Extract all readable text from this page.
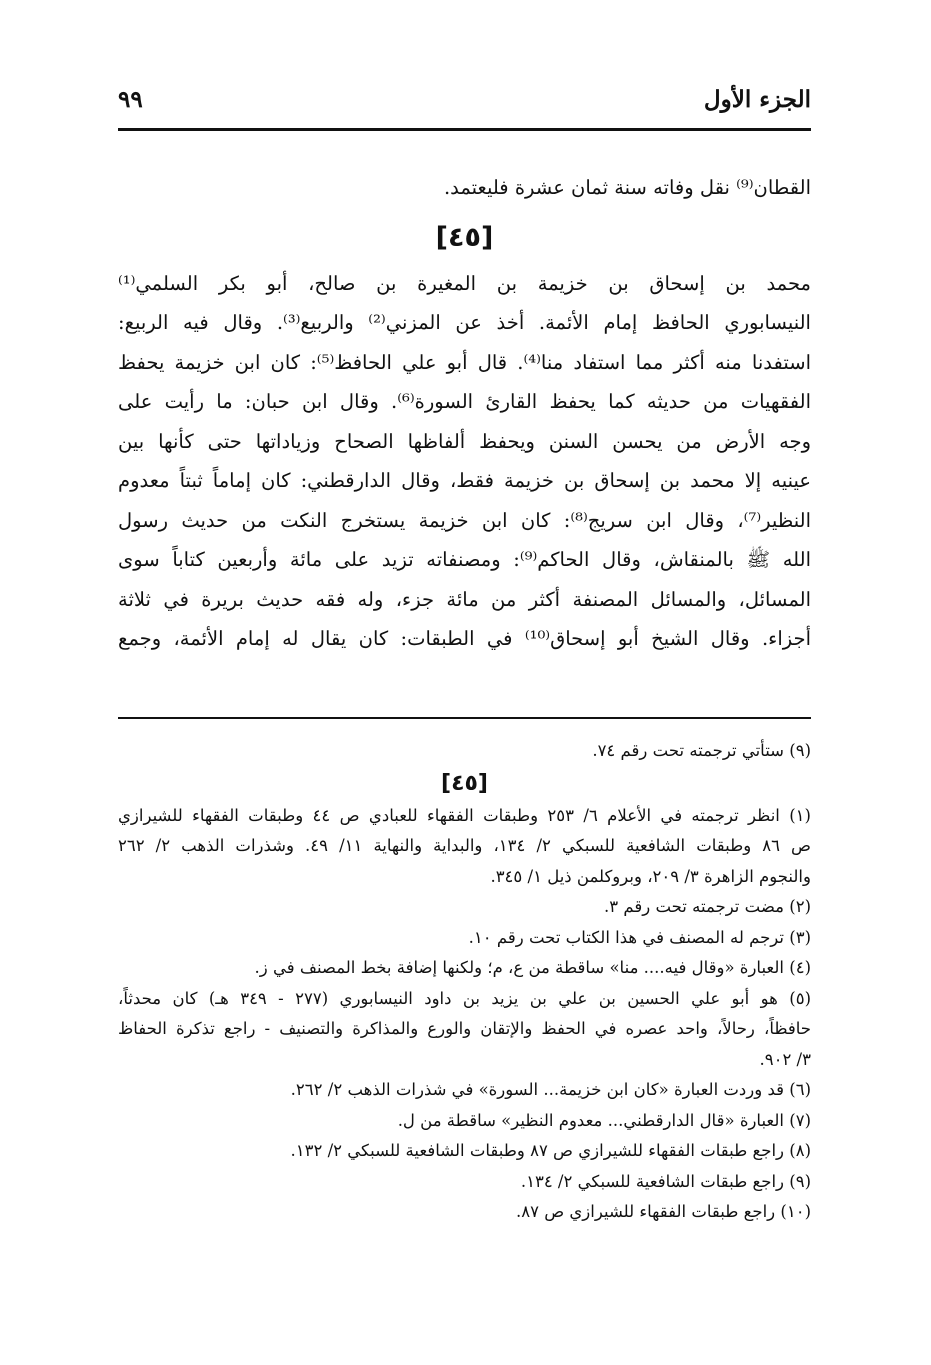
الجزء الأول
٩٩
القطان⁽⁹⁾ نقل وفاته سنة ثمان عشرة فليعتمد.
[٤٥]
محمد بن إسحاق بن خزيمة بن المغيرة بن صالح، أبو بكر السلمي⁽¹⁾
النيسابوري الحافظ إمام الأئمة. أخذ عن المزني⁽²⁾ والربيع⁽³⁾. وقال فيه الربيع:
استفدنا منه أكثر مما استفاد منا⁽⁴⁾. قال أبو علي الحافظ⁽⁵⁾: كان ابن خزيمة يحفظ
الفقهيات من حديثه كما يحفظ القارئ السورة⁽⁶⁾. وقال ابن حبان: ما رأيت على
وجه الأرض من يحسن السنن ويحفظ ألفاظها الصحاح وزياداتها حتى كأنها بين
عينيه إلا محمد بن إسحاق بن خزيمة فقط، وقال الدارقطني: كان إماماً ثبتاً معدوم
النظير⁽⁷⁾، وقال ابن سريج⁽⁸⁾: كان ابن خزيمة يستخرج النكت من حديث رسول
الله ﷺ بالمنقاش، وقال الحاكم⁽⁹⁾: ومصنفاته تزيد على مائة وأربعين كتاباً سوى
المسائل، والمسائل المصنفة أكثر من مائة جزء، وله فقه حديث بريرة في ثلاثة
أجزاء. وقال الشيخ أبو إسحاق⁽¹⁰⁾ في الطبقات: كان يقال له إمام الأئمة، وجمع
(٩) ستأتي ترجمته تحت رقم ٧٤.
[٤٥]
(١) انظر ترجمته في الأعلام ٦/ ٢٥٣ وطبقات الفقهاء للعبادي ص ٤٤ وطبقات الفقهاء للشيرازي
ص ٨٦ وطبقات الشافعية للسبكي ٢/ ١٣٤، والبداية والنهاية ١١/ ٤٩. وشذرات الذهب ٢/ ٢٦٢
والنجوم الزاهرة ٣/ ٢٠٩، وبروكلمن ذيل ١/ ٣٤٥.
(٢) مضت ترجمته تحت رقم ٣.
(٣) ترجم له المصنف في هذا الكتاب تحت رقم ١٠.
(٤) العبارة «وقال فيه.... منا» ساقطة من ع، م؛ ولكنها إضافة بخط المصنف في ز.
(٥) هو أبو علي الحسين بن علي بن يزيد بن داود النيسابوري (٢٧٧ - ٣٤٩ هـ) كان محدثاً،
حافظاً، رحالاً، واحد عصره في الحفظ والإتقان والورع والمذاكرة والتصنيف - راجع تذكرة الحفاظ
٣/ ٩٠٢.
(٦) قد وردت العبارة «كان ابن خزيمة... السورة» في شذرات الذهب ٢/ ٢٦٢.
(٧) العبارة «قال الدارقطني... معدوم النظير» ساقطة من ل.
(٨) راجع طبقات الفقهاء للشيرازي ص ٨٧ وطبقات الشافعية للسبكي ٢/ ١٣٢.
(٩) راجع طبقات الشافعية للسبكي ٢/ ١٣٤.
(١٠) راجع طبقات الفقهاء للشيرازي ص ٨٧.
